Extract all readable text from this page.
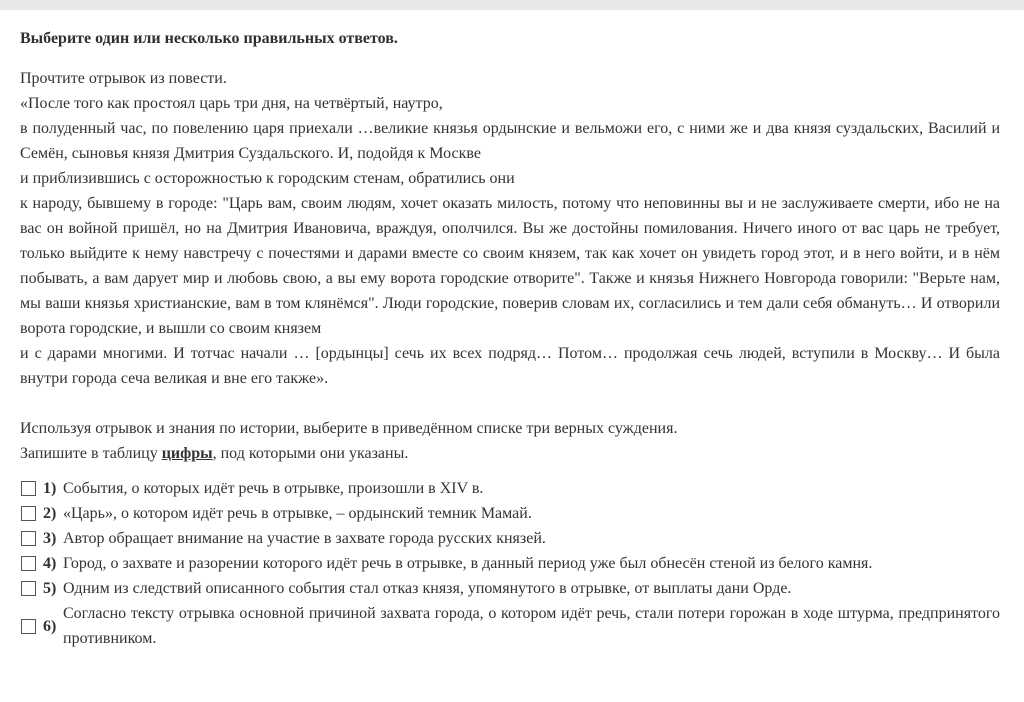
Выберите один или несколько правильных ответов.

Прочтите отрывок из повести.

«После того как простоял царь три дня, на четвёртый, наутро,

в полуденный час, по повелению царя приехали …великие князья ордынские и вельможи его, с ними же и два князя суздальских, Василий и Семён, сыновья князя Дмитрия Суздальского. И, подойдя к Москве

и приблизившись с осторожностью к городским стенам, обратились они

к народу, бывшему в городе: "Царь вам, своим людям, хочет оказать милость, потому что неповинны вы и не заслуживаете смерти, ибо не на вас он войной пришёл, но на Дмитрия Ивановича, враждуя, ополчился. Вы же достойны помилования. Ничего иного от вас царь не требует, только выйдите к нему навстречу с почестями и дарами вместе со своим князем, так как хочет он увидеть город этот, и в него войти, и в нём побывать, а вам дарует мир и любовь свою, а вы ему ворота городские отворите". Также и князья Нижнего Новгорода говорили: "Верьте нам, мы ваши князья христианские, вам в том клянёмся". Люди городские, поверив словам их, согласились и тем дали себя обмануть… И отворили ворота городские, и вышли со своим князем

и с дарами многими. И тотчас начали … [ордынцы] сечь их всех подряд… Потом… продолжая сечь людей, вступили в Москву… И была внутри города сеча великая и вне его также».

Используя отрывок и знания по истории, выберите в приведённом списке три верных суждения.

Запишите в таблицу цифры, под которыми они указаны.

1) События, о которых идёт речь в отрывке, произошли в XIV в.
2) «Царь», о котором идёт речь в отрывке, – ордынский темник Мамай.
3) Автор обращает внимание на участие в захвате города русских князей.
4) Город, о захвате и разорении которого идёт речь в отрывке, в данный период уже был обнесён стеной из белого камня.
5) Одним из следствий описанного события стал отказ князя, упомянутого в отрывке, от выплаты дани Орде.
6)
Согласно тексту отрывка основной причиной захвата города, о котором идёт речь, стали потери горожан в ходе штурма, предпринятого противником.
